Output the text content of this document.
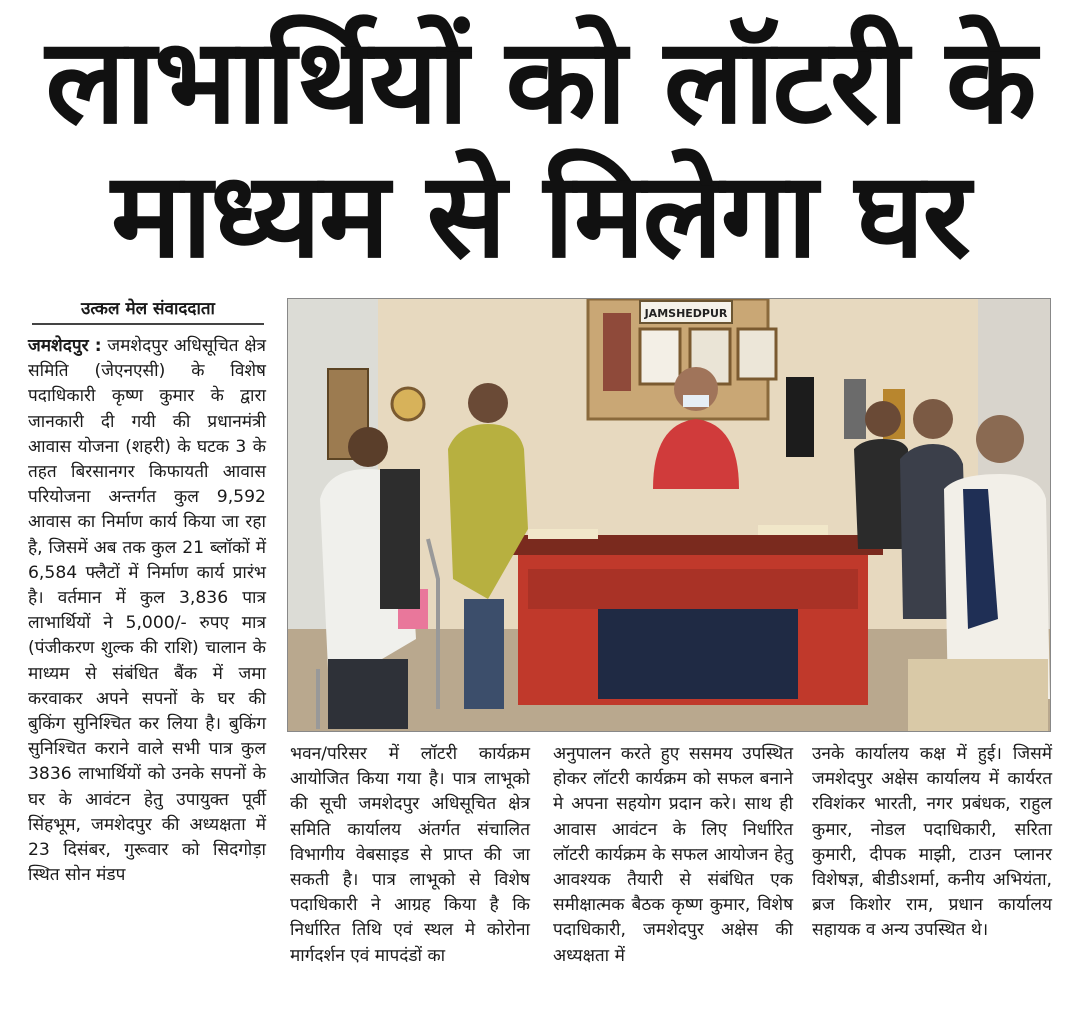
लाभार्थियों को लॉटरी के
माध्यम से मिलेगा घर
उत्कल मेल संवाददाता
जमशेदपुर : जमशेदपुर अधिसूचित क्षेत्र समिति (जेएनएसी) के विशेष पदाधिकारी कृष्ण कुमार के द्वारा जानकारी दी गयी की प्रधानमंत्री आवास योजना (शहरी) के घटक 3 के तहत बिरसानगर किफायती आवास परियोजना अन्तर्गत कुल 9,592 आवास का निर्माण कार्य किया जा रहा है, जिसमें अब तक कुल 21 ब्लॉकों में 6,584 फ्लैटों में निर्माण कार्य प्रारंभ है। वर्तमान में कुल 3,836 पात्र लाभार्थियों ने 5,000/- रुपए मात्र (पंजीकरण शुल्क की राशि) चालान के माध्यम से संबंधित बैंक में जमा करवाकर अपने सपनों के घर की बुकिंग सुनिश्चित कर लिया है। बुकिंग सुनिश्चित कराने वाले सभी पात्र कुल 3836 लाभार्थियों को उनके सपनों के घर के आवंटन हेतु उपायुक्त पूर्वी सिंहभूम, जमशेदपुर की अध्यक्षता में 23 दिसंबर, गुरूवार को सिदगोड़ा स्थित सोन मंडप
JAMSHEDPUR
भवन/परिसर में लॉटरी कार्यक्रम आयोजित किया गया है। पात्र लाभूको की सूची जमशेदपुर अधिसूचित क्षेत्र समिति कार्यालय अंतर्गत संचालित विभागीय वेबसाइड से प्राप्त की जा सकती है। पात्र लाभूको से विशेष पदाधिकारी ने आग्रह किया है कि निर्धारित तिथि एवं स्थल मे कोरोना मार्गदर्शन एवं मापदंडों का
अनुपालन करते हुए ससमय उपस्थित होकर लॉटरी कार्यक्रम को सफल बनाने मे अपना सहयोग प्रदान करे। साथ ही आवास आवंटन के लिए निर्धारित लॉटरी कार्यक्रम के सफल आयोजन हेतु आवश्यक तैयारी से संबंधित एक समीक्षात्मक बैठक कृष्ण कुमार, विशेष पदाधिकारी, जमशेदपुर अक्षेस की अध्यक्षता में
उनके कार्यालय कक्ष में हुई। जिसमें जमशेदपुर अक्षेस कार्यालय में कार्यरत रविशंकर भारती, नगर प्रबंधक, राहुल कुमार, नोडल पदाधिकारी, सरिता कुमारी, दीपक माझी, टाउन प्लानर विशेषज्ञ, बीडीऽशर्मा, कनीय अभियंता, ब्रज किशोर राम, प्रधान कार्यालय सहायक व अन्य उपस्थित थे।
